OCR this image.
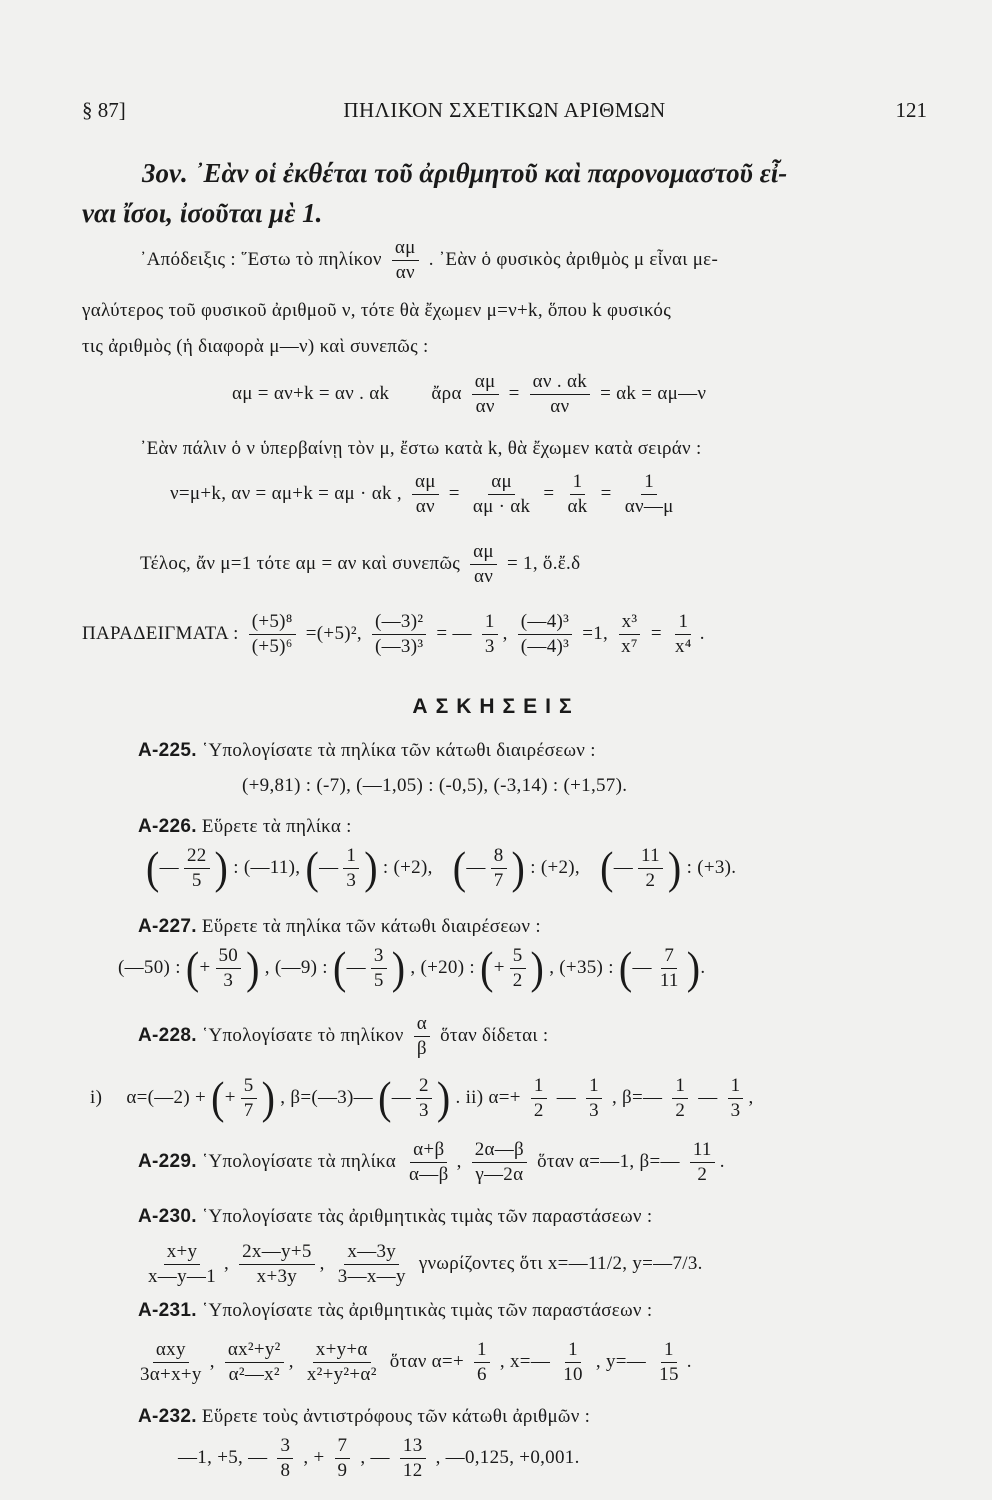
§ 87]	ΠΗΛΙΚΟΝ ΣΧΕΤΙΚΩΝ ΑΡΙΘΜΩΝ	121
3ον. ᾿Εὰν οἱ ἐκθέται τοῦ ἀριθμητοῦ καὶ παρονομαστοῦ εἶ-
ναι ἴσοι, ἰσοῦται μὲ 1.
᾿Απόδειξις : ῞Εστω τὸ πηλίκον $\frac{\alpha\mu}{\alpha\nu}$ . ᾿Εὰν ὁ φυσικὸς ἀριθμὸς μ εἶναι με-
γαλύτερος τοῦ φυσικοῦ ἀριθμοῦ ν, τότε θὰ ἔχωμεν μ=ν+k, ὅπου k φυσικός
τις ἀριθμὸς (ἡ διαφορὰ μ—ν) καὶ συνεπῶς :
αμ = αν+k = αν . αk ἄρα $\frac{\alpha\mu}{\alpha\nu} = \frac{\alpha\nu . \alpha k}{\alpha\nu} = \alpha k$ = αμ—ν
᾿Εὰν πάλιν ὁ ν ὑπερβαίνῃ τὸν μ, ἔστω κατὰ k, θὰ ἔχωμεν κατὰ σειράν :
ν=μ+k, αν = αμ+k = αμ · αk , $\frac{\alpha\mu}{\alpha\nu} = \frac{\alpha\mu}{\alpha\mu \cdot \alpha k} = \frac{1}{\alpha k} = \frac{1}{\alpha\nu—\mu}$
Τέλος, ἄν μ=1 τότε αμ = αν καὶ συνεπῶς $\frac{\alpha\mu}{\alpha\nu} = 1$, ὅ.ἔ.δ
ΠΑΡΑΔΕΙΓΜΑΤΑ : $\frac{\text{(+5)⁸}}{\text{(+5)⁶}} =(+5)^2$, $\frac{\text{(—3)²}}{\text{(—3)³}}$ = — $\frac{1}{3}$ , $\frac{\text{(—4)³}}{\text{(—4)³}} =1$, $\frac{\text{x³}}{\text{x⁷}} = \frac{1}{\text{x⁴}}$ .
ΑΣΚΗΣΕΙΣ
Α-225. ῾Υπολογίσατε τὰ πηλίκα τῶν κάτωθι διαιρέσεων :
(+9,81) : (-7), (—1,05) : (-0,5), (-3,14) : (+1,57).
Α-226. Εὕρετε τὰ πηλίκα :
(— $\frac{22}{5}$ ) : (—11), (— $\frac{1}{3}$ ) : (+2), (— $\frac{8}{7}$ ) : (+2), (— $\frac{11}{2}$ ) : (+3).
Α-227. Εὕρετε τὰ πηλίκα τῶν κάτωθι διαιρέσεων :
(—50) : (+ $\frac{50}{3}$ ) , (—9) : (— $\frac{3}{5}$ ) , (+20) : (+ $\frac{5}{2}$ ) , (+35) : (— $\frac{7}{11}$ ).
Α-228. ῾Υπολογίσατε τὸ πηλίκον $\frac{\alpha}{\beta}$ ὅταν δίδεται :
i) α=(—2) + (+ $\frac{5}{7}$ ) , β=(—3)— (— $\frac{2}{3}$ ) . ii) $\alpha=+ \frac{1}{2}$ — $\frac{1}{3}$ , β=— $\frac{1}{2}$ — $\frac{1}{3}$ ,
Α-229. ῾Υπολογίσατε τὰ πηλίκα $\frac{\alpha+\beta}{\alpha—\beta}$ , $\frac{2\alpha—\beta}{\gamma—2\alpha}$ ὅταν α=—1, β=— $\frac{11}{2}$ .
Α-230. ῾Υπολογίσατε τὰς ἀριθμητικὰς τιμὰς τῶν παραστάσεων :
$\frac{x+y}{x—y—1}$ , $\frac{2x—y+5}{x+3y}$ , $\frac{x—3y}{3—x—y}$ γνωρίζοντες ὅτι x=—11/2, y=—7/3.
Α-231. ῾Υπολογίσατε τὰς ἀριθμητικὰς τιμὰς τῶν παραστάσεων :
$\frac{\text{αxy}}{3\alpha+x+y}$ , $\frac{\text{αx²+y²}}{\text{α²—x²}}$ , $\frac{x+y+\alpha}{\text{x²+y²+α²}}$ ὅταν $\alpha=+ \frac{1}{6}$ , x=— $\frac{1}{10}$ , y=— $\frac{1}{15}$ .
Α-232. Εὕρετε τοὺς ἀντιστρόφους τῶν κάτωθι ἀριθμῶν :
—1, +5, — $\frac{3}{8}$ , + $\frac{7}{9}$ , — $\frac{13}{12}$ , —0,125, +0,001.
